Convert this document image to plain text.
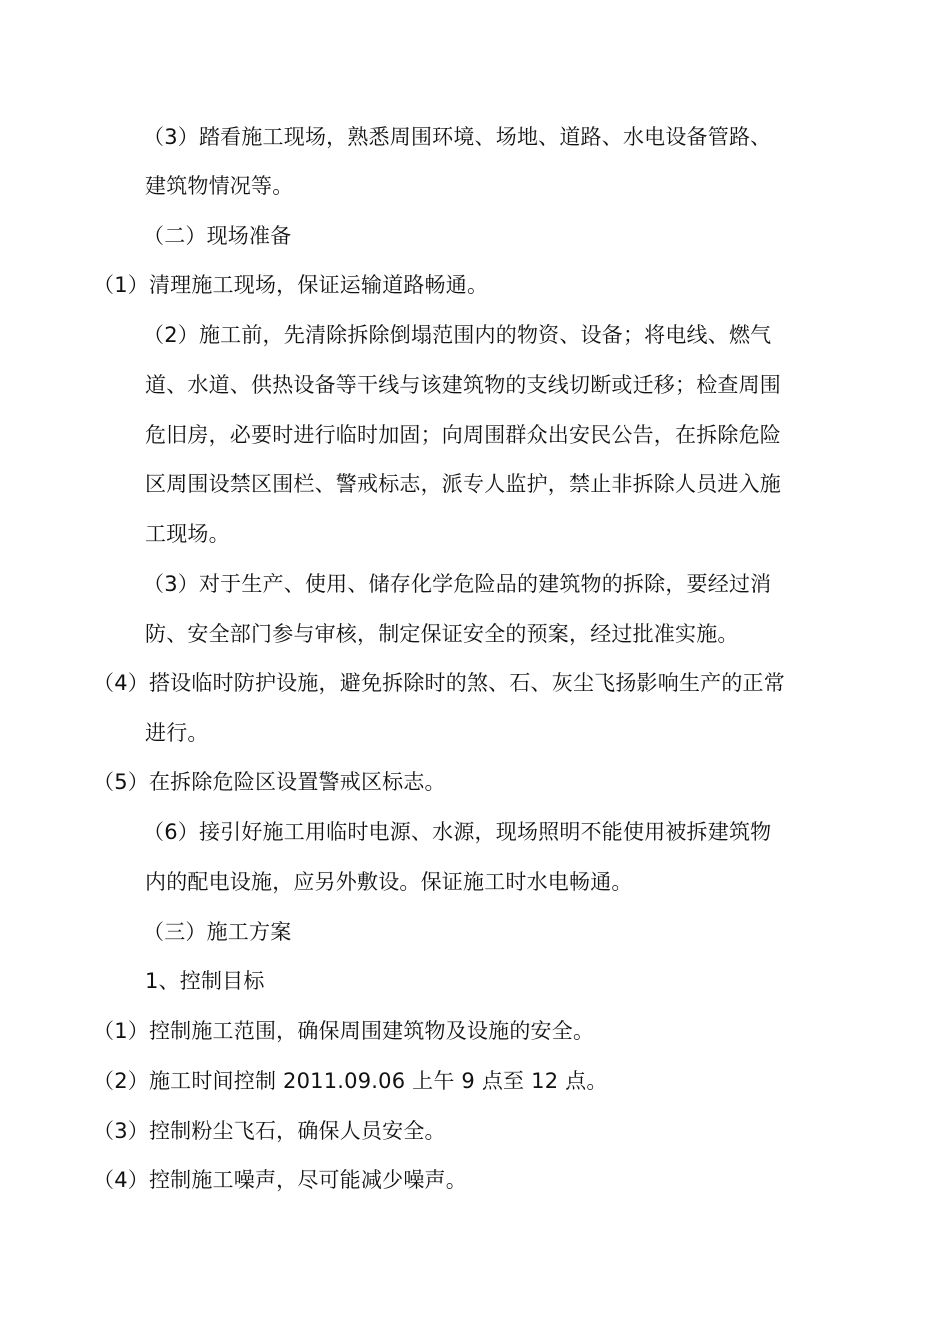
（3）踏看施工现场，熟悉周围环境、场地、道路、水电设备管路、
建筑物情况等。
（二）现场准备
（1）清理施工现场，保证运输道路畅通。
（2）施工前，先清除拆除倒塌范围内的物资、设备；将电线、燃气
道、水道、供热设备等干线与该建筑物的支线切断或迁移；检查周围
危旧房，必要时进行临时加固；向周围群众出安民公告，在拆除危险
区周围设禁区围栏、警戒标志，派专人监护，禁止非拆除人员进入施
工现场。
（3）对于生产、使用、储存化学危险品的建筑物的拆除，要经过消
防、安全部门参与审核，制定保证安全的预案，经过批准实施。
（4）搭设临时防护设施，避免拆除时的煞、石、灰尘飞扬影响生产的正常
进行。
（5）在拆除危险区设置警戒区标志。
（6）接引好施工用临时电源、水源，现场照明不能使用被拆建筑物
内的配电设施，应另外敷设。保证施工时水电畅通。
（三）施工方案
1、控制目标
（1）控制施工范围，确保周围建筑物及设施的安全。
（2）施工时间控制 2011.09.06 上午 9 点至 12 点。
（3）控制粉尘飞石，确保人员安全。
（4）控制施工噪声，尽可能减少噪声。
